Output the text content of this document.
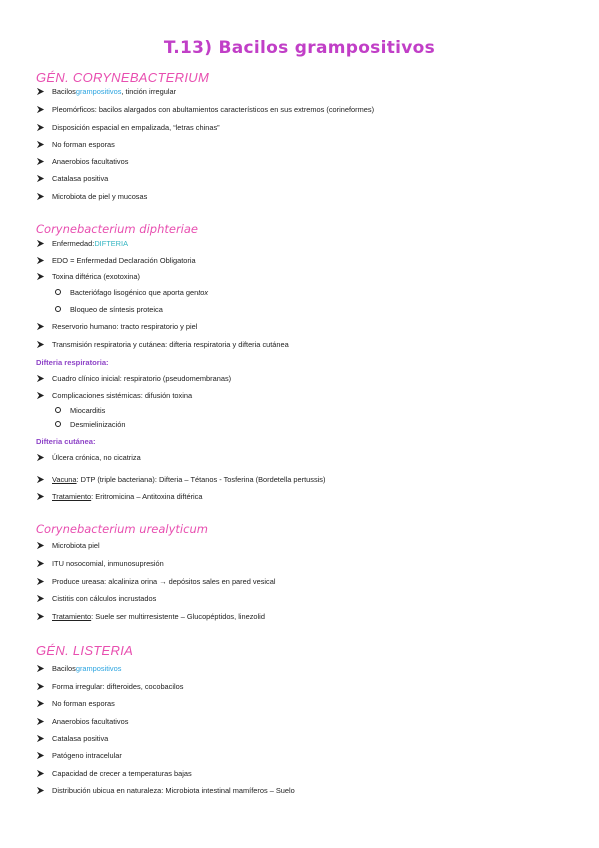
T.13) Bacilos grampositivos
GÉN. CORYNEBACTERIUM
Bacilos grampositivos , tinción irregular
Pleomórficos: bacilos alargados con abultamientos característicos en sus extremos (corineformes)
Disposición espacial en empalizada, “letras chinas”
No forman esporas
Anaerobios facultativos
Catalasa positiva
Microbiota de piel y mucosas
Corynebacterium diphteriae
Enfermedad: DIFTERIA
EDO = Enfermedad Declaración Obligatoria
Toxina diftérica (exotoxina)
Bacteriófago lisogénico que aporta gen tox
Bloqueo de síntesis proteica
Reservorio humano: tracto respiratorio y piel
Transmisión respiratoria y cutánea: difteria respiratoria y difteria cutánea
Difteria respiratoria:
Cuadro clínico inicial: respiratorio (pseudomembranas)
Complicaciones sistémicas: difusión toxina
Miocarditis
Desmielinización
Difteria cutánea:
Úlcera crónica, no cicatriza
Vacuna : DTP (triple bacteriana): Difteria – Tétanos - Tosferina (Bordetella pertussis)
Tratamiento : Eritromicina – Antitoxina diftérica
Corynebacterium urealyticum
Microbiota piel
ITU nosocomial, inmunosupresión
Produce ureasa: alcaliniza orina → depósitos sales en pared vesical
Cistitis con cálculos incrustados
Tratamiento : Suele ser multirresistente – Glucopéptidos, linezolid
GÉN. LISTERIA
Bacilos grampositivos
Forma irregular: difteroides, cocobacilos
No forman esporas
Anaerobios facultativos
Catalasa positiva
Patógeno intracelular
Capacidad de crecer a temperaturas bajas
Distribución ubicua en naturaleza: Microbiota intestinal mamíferos – Suelo
